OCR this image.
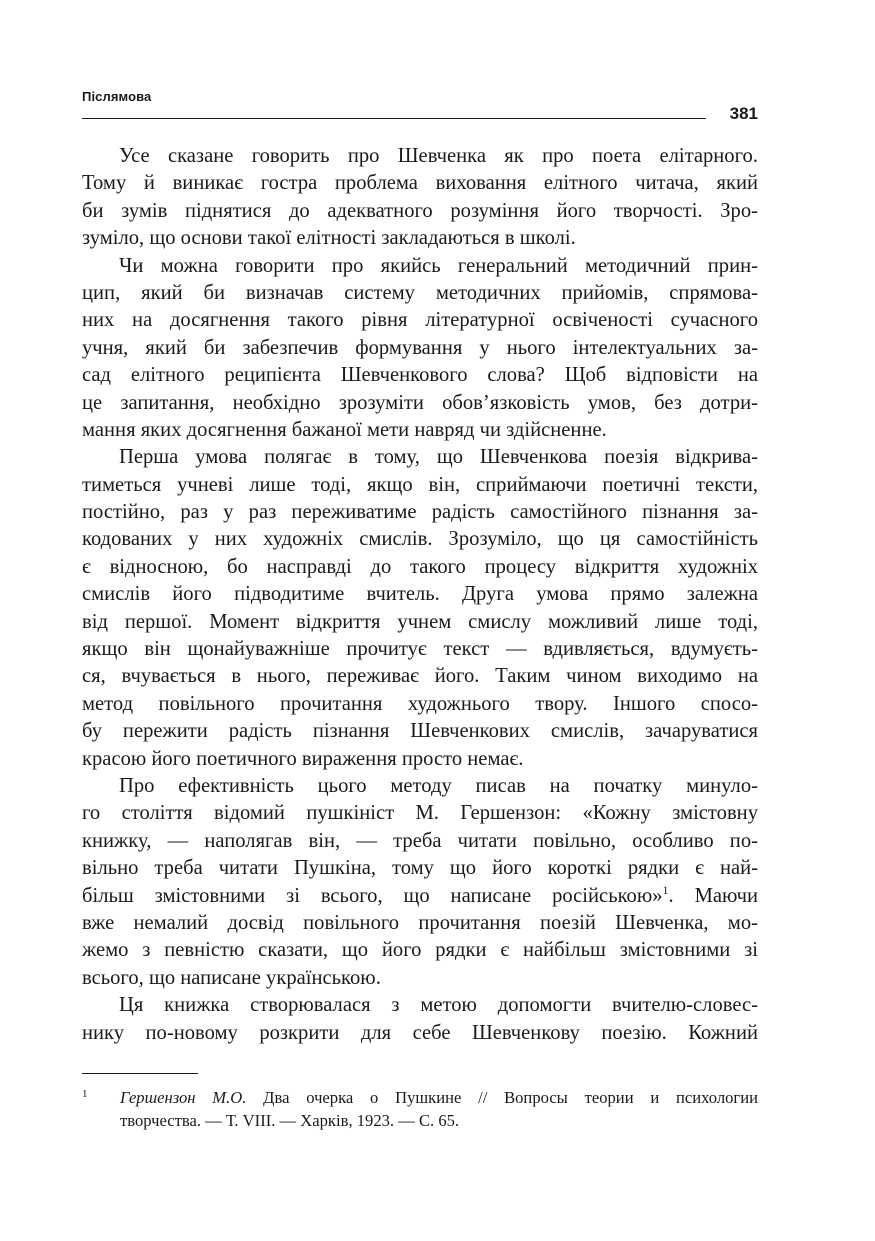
Післямова
381
Усе сказане говорить про Шевченка як про поета елітарного.
Тому й виникає гостра проблема виховання елітного читача, який
би зумів піднятися до адекватного розуміння його творчості. Зро-
зуміло, що основи такої елітності закладаються в школі.
Чи можна говорити про якийсь генеральний методичний прин-
цип, який би визначав систему методичних прийомів, спрямова-
них на досягнення такого рівня літературної освіченості сучасного
учня, який би забезпечив формування у нього інтелектуальних за-
сад елітного реципієнта Шевченкового слова? Щоб відповісти на
це запитання, необхідно зрозуміти обов’язковість умов, без дотри-
мання яких досягнення бажаної мети навряд чи здійсненне.
Перша умова полягає в тому, що Шевченкова поезія відкрива-
тиметься учневі лише тоді, якщо він, сприймаючи поетичні тексти,
постійно, раз у раз переживатиме радість самостійного пізнання за-
кодованих у них художніх смислів. Зрозуміло, що ця самостійність
є відносною, бо насправді до такого процесу відкриття художніх
смислів його підводитиме вчитель. Друга умова прямо залежна
від першої. Момент відкриття учнем смислу можливий лише тоді,
якщо він щонайуважніше прочитує текст — вдивляється, вдумуєть-
ся, вчувається в нього, переживає його. Таким чином виходимо на
метод повільного прочитання художнього твору. Іншого спосо-
бу пережити радість пізнання Шевченкових смислів, зачаруватися
красою його поетичного вираження просто немає.
Про ефективність цього методу писав на початку минуло-
го століття відомий пушкініст М. Гершензон: «Кожну змістовну
книжку, — наполягав він, — треба читати повільно, особливо по-
вільно треба читати Пушкіна, тому що його короткі рядки є най-
більш змістовними зі всього, що написане російською»$^1$. Маючи
вже немалий досвід повільного прочитання поезій Шевченка, мо-
жемо з певністю сказати, що його рядки є найбільш змістовними зі
всього, що написане українською.
Ця книжка створювалася з метою допомогти вчителю-словес-
нику по-новому розкрити для себе Шевченкову поезію. Кожний
1 Гершензон М.О. Два очерка о Пушкине // Вопросы теории и психологии
творчества. — Т. VIII. — Харків, 1923. — С. 65.
